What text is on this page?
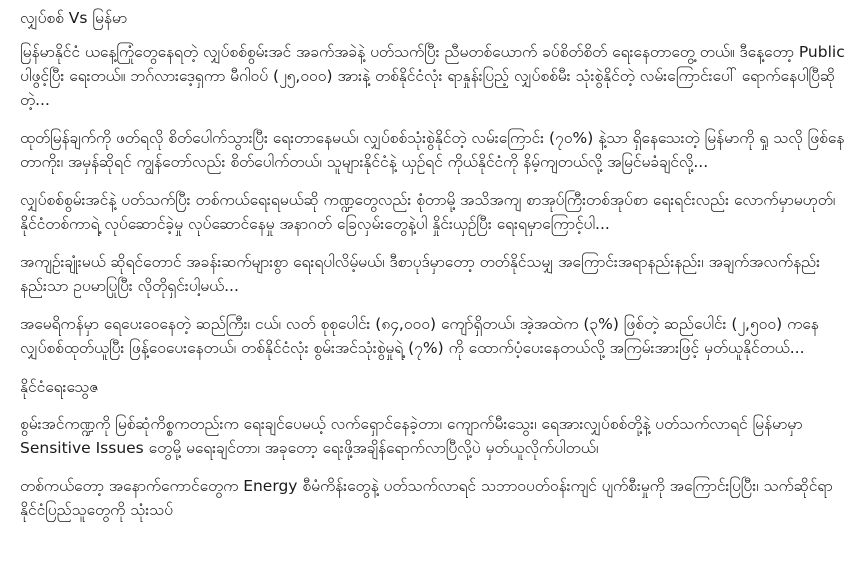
လျှပ်စစ် Vs မြန်မာ

မြန်မာနိုင်ငံ ယနေ့ကြုံတွေနေရတဲ့ လျှပ်စစ်စွမ်းအင် အခက်အခဲနဲ့ ပတ်သက်ပြီး ညီမတစ်ယောက် ခပ်စိတ်စိတ် ရေးနေတာတွေ့ တယ်။ ဒီနေ့တော့ Public ပါဖွင့်ပြီး ရေးတယ်။ ဘဂ်လားဒေ့ရှကာ မီဂါဝပ် (၂၅,၀၀၀) အားနဲ့ တစ်နိုင်ငံလုံး ရာနှုန်းပြည့် လျှပ်စစ်မီး သုံးစွဲနိုင်တဲ့ လမ်းကြောင်းပေါ် ရောက်နေပါပြီဆိုတဲ့...

ထုတ်မြန်ချက်ကို ဖတ်ရလို စိတ်ပေါက်သွားပြီး ရေးတာနေမယ်၊ လျှပ်စစ်သုံးစွဲနိုင်တဲ့ လမ်းကြောင်း (၇၀%) နဲ့သာ ရှိနေသေးတဲ့ မြန်မာကို ရှု သလို ဖြစ်နေတာကိုး၊ အမှန်ဆိုရင် ကျွန်တော်လည်း စိတ်ပေါက်တယ်၊ သူများနိုင်ငံနဲ့ ယှဉ်ရင် ကိုယ်နိုင်ငံကို နိမ့်ကျတယ်လို့ အမြင်မခံချင်လို့...

လျှပ်စစ်စွမ်းအင်နဲ့ ပတ်သက်ပြီး တစ်ကယ်ရေးရမယ်ဆို ကဏ္ဍတွေလည်း စုံတာမို့ အသိအကျ စာအုပ်ကြီးတစ်အုပ်စာ ရေးရင်းလည်း လောက်မှာမဟုတ်၊ နိုင်ငံတစ်ကာရဲ့ လုပ်ဆောင်ခဲ့မှု လုပ်ဆောင်နေမှု အနာဂတ် ခြေလှမ်းတွေနဲ့ပါ နှိုင်းယှဉ်ပြီး ရေးရမှာကြောင့်ပါ...

အကျဉ်းချုံးမယ် ဆိုရင်တောင် အခန်းဆက်များစွာ ရေးရပါလိမ့်မယ်၊ ဒီစာပုဒ်မှာတော့ တတ်နိုင်သမျှ အကြောင်းအရာနည်းနည်း၊ အချက်အလက်နည်းနည်းသာ ဥပမာပြုပြီး လိုတိုရှင်းပါ့မယ်...

အမေရိကန်မှာ ရေပေးဝေနေတဲ့ ဆည်ကြီး၊ ငယ်၊ လတ် စုစုပေါင်း (၈၄,၀၀၀) ကျော်ရှိတယ်၊ အဲ့အထဲက (၃%) ဖြစ်တဲ့ ဆည်ပေါင်း (၂,၅၀၀) ကနေ လျှပ်စစ်ထုတ်ယူပြီး ဖြန့်ဝေပေးနေတယ်၊ တစ်နိုင်ငံလုံး စွမ်းအင်သုံးစွဲမှုရဲ့ (၇%) ကို ထောက်ပံ့ပေးနေတယ်လို့ အကြမ်းအားဖြင့် မှတ်ယူနိုင်တယ်...

နိုင်ငံရေးသွေဇ

စွမ်းအင်ကဏ္ဍကို မြစ်ဆုံကိစ္စကတည်းက ရေးချင်ပေမယ့် လက်ရှောင်နေခဲ့တာ၊ ကျောက်မီးသွေး၊ ရေအားလျှပ်စစ်တို့နဲ့ ပတ်သက်လာရင် မြန်မာမှာ Sensitive Issues တွေမို့ မရေးချင်တာ၊ အခုတော့ ရေးဖို့အချိန်ရောက်လာပြီလို့ပဲ မှတ်ယူလိုက်ပါတယ်၊

တစ်ကယ်တော့ အနောက်ကောင်တွေက Energy စီမံကိန်းတွေနဲ့ ပတ်သက်လာရင် သဘာဝပတ်ဝန်းကျင် ပျက်စီးမှုကို အကြောင်းပြပြီး၊ သက်ဆိုင်ရာ နိုင်ငံပြည်သူတွေကို သုံးသပ်
